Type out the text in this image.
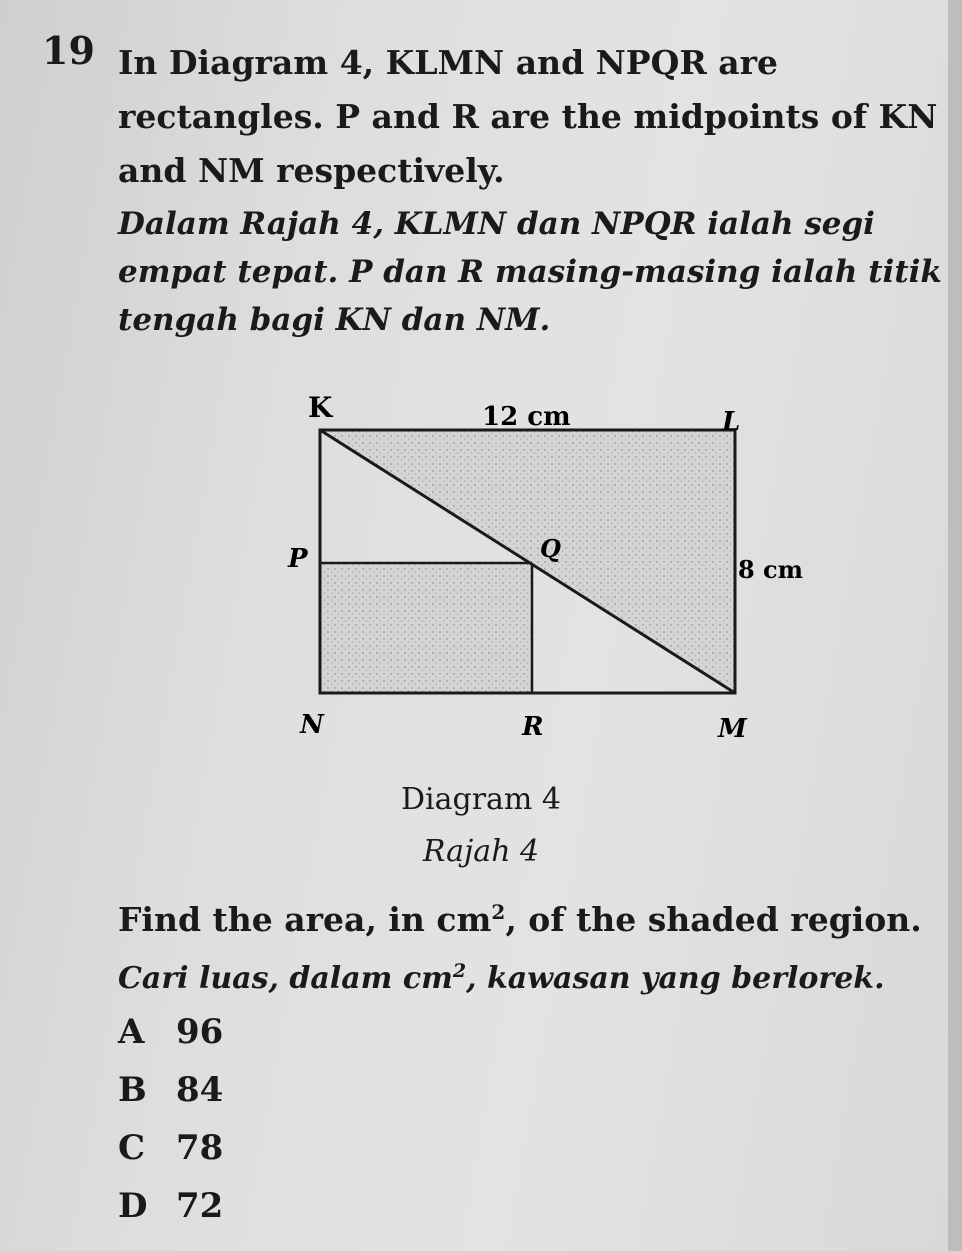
19 In Diagram 4, KLMN and NPQR are
rectangles. P and R are the midpoints of KN
and NM respectively.
Dalam Rajah 4, KLMN dan NPQR ialah segi
empat tepat. P dan R masing-masing ialah titik
tengah bagi KN dan NM.
K	L
M
N
P	Q
R
12 cm
8 cm
Diagram 4
Rajah 4
Find the area, in $cm^2$, of the shaded region.
Cari luas, dalam $cm^2$, kawasan yang berlorek.
A 96
B 84
C 78
D 72
